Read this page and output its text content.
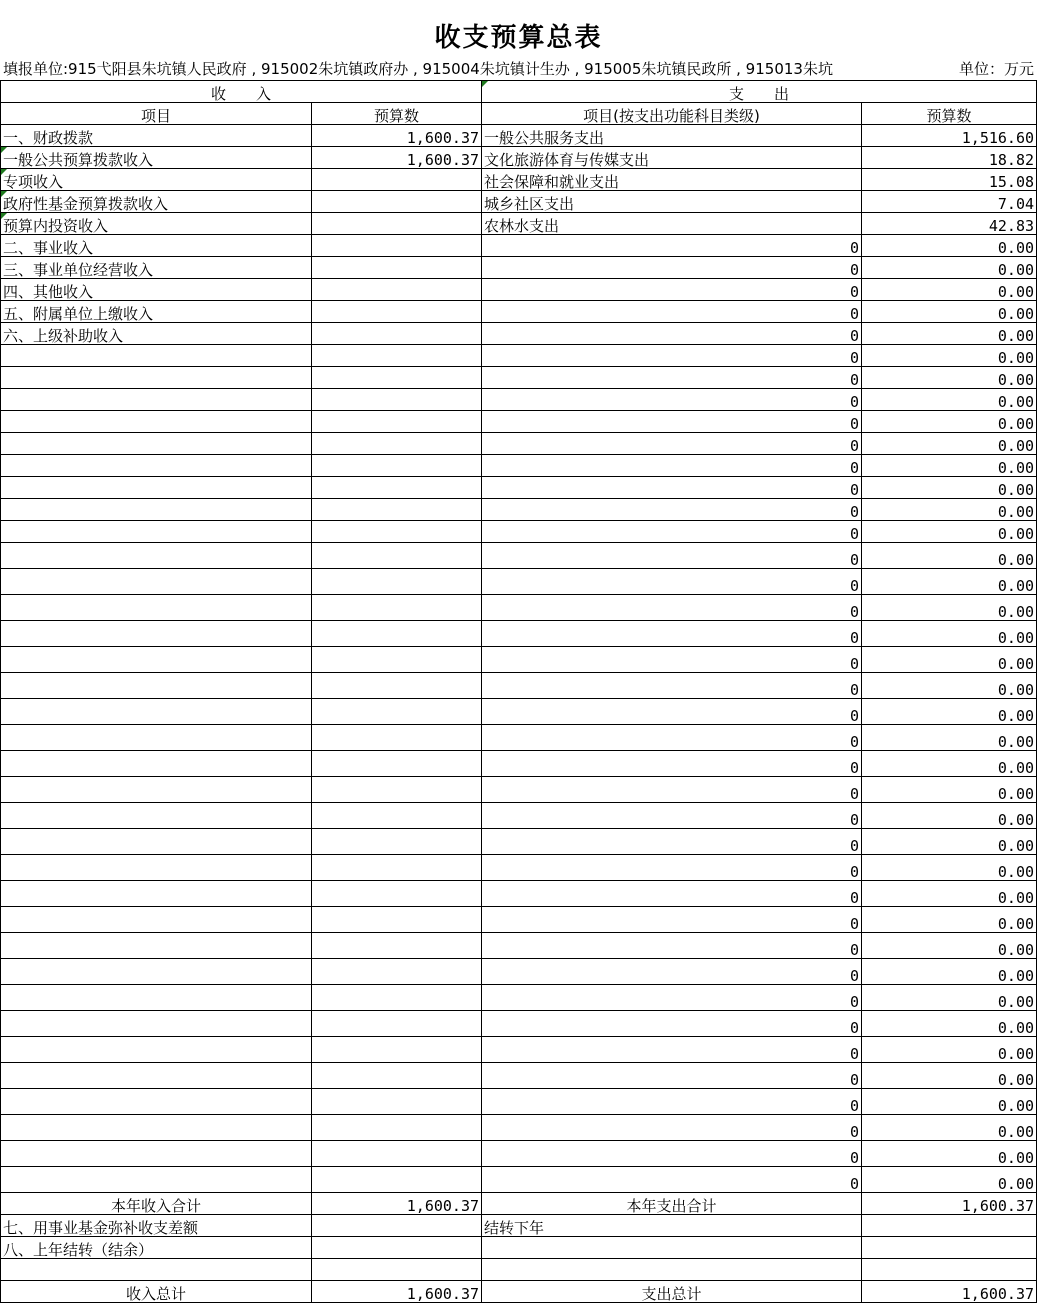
收支预算总表
填报单位:915弋阳县朱坑镇人民政府 , 915002朱坑镇政府办 , 915004朱坑镇计生办 , 915005朱坑镇民政所 , 915013朱坑	单位：万元
收　　入		支　　出	
项目	预算数	项目(按支出功能科目类级)	预算数
一、财政拨款	1,600.37	一般公共服务支出	1,516.60
一般公共预算拨款收入	1,600.37	文化旅游体育与传媒支出	18.82
专项收入		社会保障和就业支出	15.08
政府性基金预算拨款收入		城乡社区支出	7.04
预算内投资收入		农林水支出	42.83
二、事业收入		0	0.00
三、事业单位经营收入		0	0.00
四、其他收入		0	0.00
五、附属单位上缴收入		0	0.00
六、上级补助收入		0	0.00
		0	0.00
		0	0.00
		0	0.00
		0	0.00
		0	0.00
		0	0.00
		0	0.00
		0	0.00
		0	0.00
		0	0.00
		0	0.00
		0	0.00
		0	0.00
		0	0.00
		0	0.00
		0	0.00
		0	0.00
		0	0.00
		0	0.00
		0	0.00
		0	0.00
		0	0.00
		0	0.00
		0	0.00
		0	0.00
		0	0.00
		0	0.00
		0	0.00
		0	0.00
		0	0.00
		0	0.00
		0	0.00
		0	0.00
		0	0.00
本年收入合计	1,600.37	本年支出合计	1,600.37
七、用事业基金弥补收支差额		结转下年	
八、上年结转（结余）			

收入总计	1,600.37	支出总计	1,600.37
